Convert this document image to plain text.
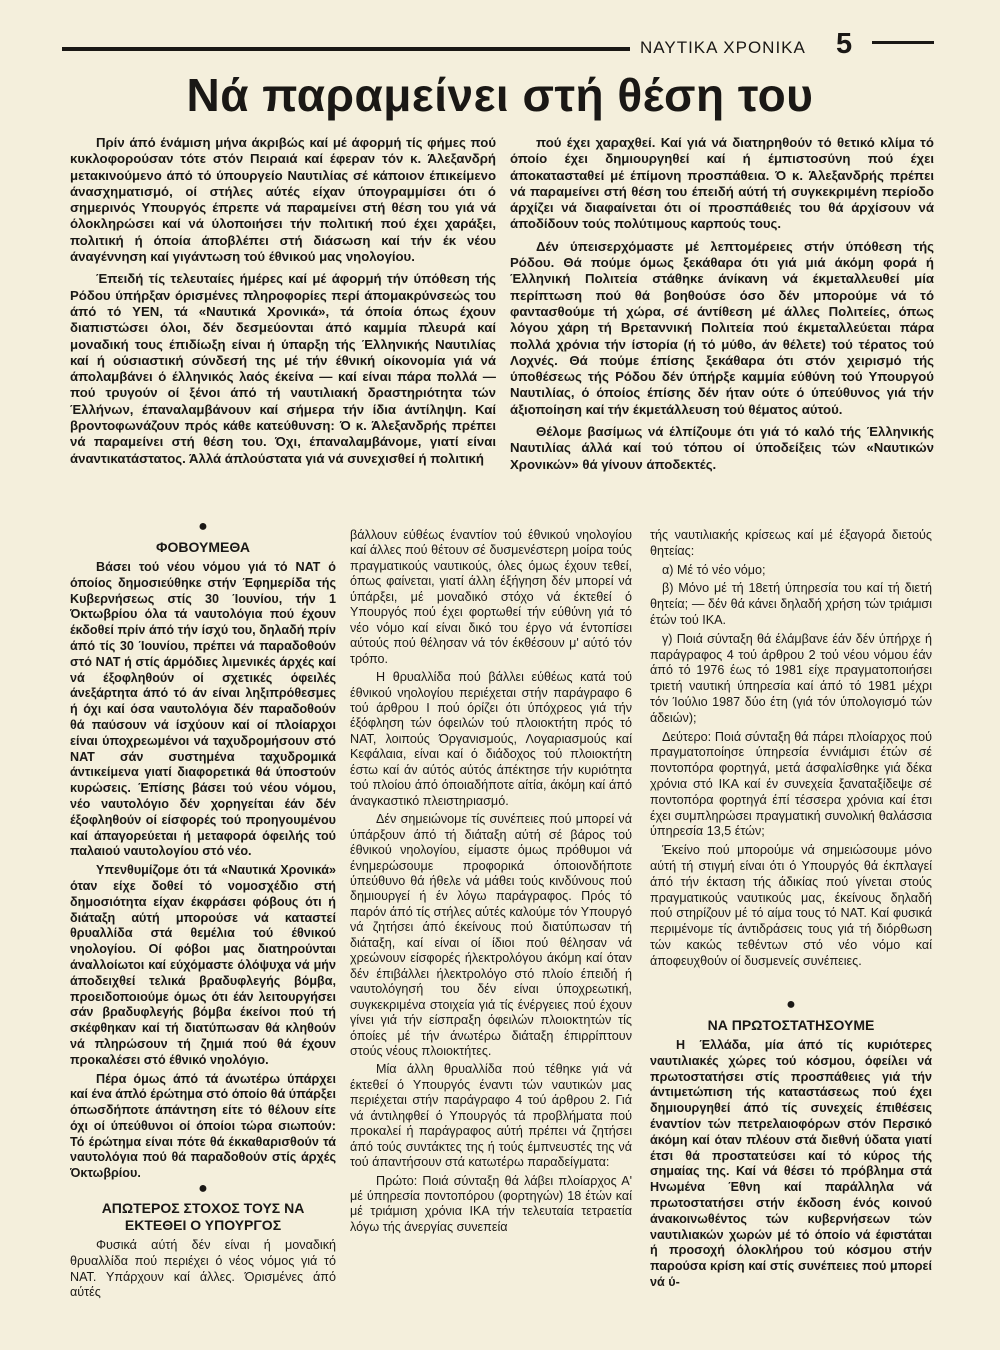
ΝΑΥΤΙΚΑ ΧΡΟΝΙΚΑ 5
Νά παραμείνει στή θέση του

Πρίν άπό ένάμιση μήνα άκριβώς καί μέ άφορμή τίς φήμες πού κυκλοφορούσαν τότε στόν Πειραιά καί έφεραν τόν κ. Άλεξανδρή μετακινούμενο άπό τό ύπουργείο Ναυτιλίας σέ κάποιον έπικείμενο άνασχηματισμό, οί στήλες αύτές είχαν ύπογραμμίσει ότι ό σημερινός Υπουργός έπρεπε νά παραμείνει στή θέση του γιά νά όλοκληρώσει καί νά ύλοποιήσει τήν πολιτική πού έχει χαράξει, πολιτική ή όποία άποβλέπει στή διάσωση καί τήν έκ νέου άναγέννηση καί γιγάντωση τού έθνικού μας νηολογίου.

Έπειδή τίς τελευταίες ήμέρες καί μέ άφορμή τήν ύπόθεση τής Ρόδου ύπήρξαν όρισμένες πληροφορίες περί άπομακρύνσεώς του άπό τό ΥΕΝ, τά «Ναυτικά Χρονικά», τά όποία όπως έχουν διαπιστώσει όλοι, δέν δεσμεύονται άπό καμμία πλευρά καί μοναδική τους έπιδίωξη είναι ή ύπαρξη τής Έλληνικής Ναυτιλίας καί ή ούσιαστική σύνδεσή της μέ τήν έθνική οίκονομία γιά νά άπολαμβάνει ό έλληνικός λαός έκείνα — καί είναι πάρα πολλά — πού τρυγούν οί ξένοι άπό τή ναυτιλιακή δραστηριότητα τών Έλλήνων, έπαναλαμβάνουν καί σήμερα τήν ίδια άντίληψη. Καί βροντοφωνάζουν πρός κάθε κατεύθυνση: Ό κ. Άλεξανδρής πρέπει νά παραμείνει στή θέση του. Όχι, έπαναλαμβάνομε, γιατί είναι άναντικατάστατος. Άλλά άπλούστατα γιά νά συνεχισθεί ή πολιτική

πού έχει χαραχθεί. Καί γιά νά διατηρηθούν τό θετικό κλίμα τό όποίο έχει δημιουργηθεί καί ή έμπιστοσύνη πού έχει άποκατασταθεί μέ έπίμονη προσπάθεια. Ό κ. Άλεξανδρής πρέπει νά παραμείνει στή θέση του έπειδή αύτή τή συγκεκριμένη περίοδο άρχίζει νά διαφαίνεται ότι οί προσπάθειές του θά άρχίσουν νά άποδίδουν τούς πολύτιμους καρπούς τους.

Δέν ύπεισερχόμαστε μέ λεπτομέρειες στήν ύπόθεση τής Ρόδου. Θά πούμε όμως ξεκάθαρα ότι γιά μιά άκόμη φορά ή Έλληνική Πολιτεία στάθηκε άνίκανη νά έκμεταλλευθεί μία περίπτωση πού θά βοηθούσε όσο δέν μπορούμε νά τό φαντασθούμε τή χώρα, σέ άντίθεση μέ άλλες Πολιτείες, όπως λόγου χάρη τή Βρεταννική Πολιτεία πού έκμεταλλεύεται πάρα πολλά χρόνια τήν ίστορία (ή τό μύθο, άν θέλετε) τού τέρατος τού Λοχνές. Θά πούμε έπίσης ξεκάθαρα ότι στόν χειρισμό τής ύποθέσεως τής Ρόδου δέν ύπήρξε καμμία εύθύνη τού Υπουργού Ναυτιλίας, ό όποίος έπίσης δέν ήταν ούτε ό ύπεύθυνος γιά τήν άξιοποίηση καί τήν έκμετάλλευση τού θέματος αύτού.

Θέλομε βασίμως νά έλπίζουμε ότι γιά τό καλό τής Έλληνικής Ναυτιλίας άλλά καί τού τόπου οί ύποδείξεις τών «Ναυτικών Χρονικών» θά γίνουν άποδεκτές.

●
ΦΟΒΟΥΜΕΘΑ

Βάσει τού νέου νόμου γιά τό ΝΑΤ ό όποίος δημοσιεύθηκε στήν Έφημερίδα τής Κυβερνήσεως στίς 30 Ίουνίου, τήν 1 Όκτωβρίου όλα τά ναυτολόγια πού έχουν έκδοθεί πρίν άπό τήν ίσχύ του, δηλαδή πρίν άπό τίς 30 Ίουνίου, πρέπει νά παραδοθούν στό ΝΑΤ ή στίς άρμόδιες λιμενικές άρχές καί νά έξοφληθούν οί σχετικές όφειλές άνεξάρτητα άπό τό άν είναι ληξιπρόθεσμες ή όχι καί όσα ναυτολόγια δέν παραδοθούν θά παύσουν νά ίσχύουν καί οί πλοίαρχοι είναι ύποχρεωμένοι νά ταχυδρομήσουν στό ΝΑΤ σάν συστημένα ταχυδρομικά άντικείμενα γιατί διαφορετικά θά ύποστούν κυρώσεις. Έπίσης βάσει τού νέου νόμου, νέο ναυτολόγιο δέν χορηγείται έάν δέν έξοφληθούν οί είσφορές τού προηγουμένου καί άπαγορεύεται ή μεταφορά όφειλής τού παλαιού ναυτολογίου στό νέο.

Υπενθυμίζομε ότι τά «Ναυτικά Χρονικά» όταν είχε δοθεί τό νομοσχέδιο στή δημοσιότητα είχαν έκφράσει φόβους ότι ή διάταξη αύτή μπορούσε νά καταστεί θρυαλλίδα στά θεμέλια τού έθνικού νηολογίου. Οί φόβοι μας διατηρούνται άναλλοίωτοι καί εύχόμαστε όλόψυχα νά μήν άποδειχθεί τελικά βραδυφλεγής βόμβα, προειδοποιούμε όμως ότι έάν λειτουργήσει σάν βραδυφλεγής βόμβα έκείνοι πού τή σκέφθηκαν καί τή διατύπωσαν θά κληθούν νά πληρώσουν τή ζημιά πού θά έχουν προκαλέσει στό έθνικό νηολόγιο.

Πέρα όμως άπό τά άνωτέρω ύπάρχει καί ένα άπλό έρώτημα στό όποίο θά ύπάρξει όπωσδήποτε άπάντηση είτε τό θέλουν είτε όχι οί ύπεύθυνοι οί όποίοι τώρα σιωπούν: Τό έρώτημα είναι πότε θά έκκαθαρισθούν τά ναυτολόγια πού θά παραδοθούν στίς άρχές Όκτωβρίου.

●
ΑΠΩΤΕΡΟΣ ΣΤΟΧΟΣ ΤΟΥΣ ΝΑ
ΕΚΤΕΘΕΙ Ο ΥΠΟΥΡΓΟΣ

Φυσικά αύτή δέν είναι ή μοναδική θρυαλλίδα πού περιέχει ό νέος νόμος γιά τό ΝΑΤ. Υπάρχουν καί άλλες. Όρισμένες άπό αύτές

βάλλουν εύθέως έναντίον τού έθνικού νηολογίου καί άλλες πού θέτουν σέ δυσμενέστερη μοίρα τούς πραγματικούς ναυτικούς, όλες όμως έχουν τεθεί, όπως φαίνεται, γιατί άλλη έξήγηση δέν μπορεί νά ύπάρξει, μέ μοναδικό στόχο νά έκτεθεί ό Υπουργός πού έχει φορτωθεί τήν εύθύνη γιά τό νέο νόμο καί είναι δικό του έργο νά έντοπίσει αύτούς πού θέλησαν νά τόν έκθέσουν μ' αύτό τόν τρόπο.

Η θρυαλλίδα πού βάλλει εύθέως κατά τού έθνικού νηολογίου περιέχεται στήν παράγραφο 6 τού άρθρου Ι πού όρίζει ότι ύπόχρεος γιά τήν έξόφληση τών όφειλών τού πλοιοκτήτη πρός τό ΝΑΤ, λοιπούς Όργανισμούς, Λογαριασμούς καί Κεφάλαια, είναι καί ό διάδοχος τού πλοιοκτήτη έστω καί άν αύτός αύτός άπέκτησε τήν κυριότητα τού πλοίου άπό όποιαδήποτε αίτία, άκόμη καί άπό άναγκαστικό πλειστηριασμό.

Δέν σημειώνομε τίς συνέπειες πού μπορεί νά ύπάρξουν άπό τή διάταξη αύτή σέ βάρος τού έθνικού νηολογίου, είμαστε όμως πρόθυμοι νά ένημερώσουμε προφορικά όποιονδήποτε ύπεύθυνο θά ήθελε νά μάθει τούς κινδύνους πού δημιουργεί ή έν λόγω παράγραφος. Πρός τό παρόν άπό τίς στήλες αύτές καλούμε τόν Υπουργό νά ζητήσει άπό έκείνους πού διατύπωσαν τή διάταξη, καί είναι οί ίδιοι πού θέλησαν νά χρεώνουν είσφορές ήλεκτρολόγου άκόμη καί όταν δέν έπιβάλλει ήλεκτρολόγο στό πλοίο έπειδή ή ναυτολόγησή του δέν είναι ύποχρεωτική, συγκεκριμένα στοιχεία γιά τίς ένέργειες πού έχουν γίνει γιά τήν είσπραξη όφειλών πλοιοκτητών τίς όποίες μέ τήν άνωτέρω διάταξη έπιρρίπτουν στούς νέους πλοιοκτήτες.

Μία άλλη θρυαλλίδα πού τέθηκε γιά νά έκτεθεί ό Υπουργός έναντι τών ναυτικών μας περιέχεται στήν παράγραφο 4 τού άρθρου 2. Γιά νά άντιληφθεί ό Υπουργός τά προβλήματα πού προκαλεί ή παράγραφος αύτή πρέπει νά ζητήσει άπό τούς συντάκτες της ή τούς έμπνευστές της νά τού άπαντήσουν στά κατωτέρω παραδείγματα:

Πρώτο: Ποιά σύνταξη θά λάβει πλοίαρχος Α' μέ ύπηρεσία ποντοπόρου (φορτηγών) 18 έτών καί μέ τριάμιση χρόνια ΙΚΑ τήν τελευταία τετραετία λόγω τής άνεργίας συνεπεία

τής ναυτιλιακής κρίσεως καί μέ έξαγορά διετούς θητείας:

α) Μέ τό νέο νόμο;

β) Μόνο μέ τή 18ετή ύπηρεσία του καί τή διετή θητεία; — δέν θά κάνει δηλαδή χρήση τών τριάμισι έτών τού ΙΚΑ.

γ) Ποιά σύνταξη θά έλάμβανε έάν δέν ύπήρχε ή παράγραφος 4 τού άρθρου 2 τού νέου νόμου έάν άπό τό 1976 έως τό 1981 είχε πραγματοποιήσει τριετή ναυτική ύπηρεσία καί άπό τό 1981 μέχρι τόν Ίούλιο 1987 δύο έτη (γιά τόν ύπολογισμό τών άδειών);

Δεύτερο: Ποιά σύνταξη θά πάρει πλοίαρχος πού πραγματοποίησε ύπηρεσία έννιάμισι έτών σέ ποντοπόρα φορτηγά, μετά άσφαλίσθηκε γιά δέκα χρόνια στό ΙΚΑ καί έν συνεχεία ξαναταξίδεψε σέ ποντοπόρα φορτηγά έπί τέσσερα χρόνια καί έτσι έχει συμπληρώσει πραγματική συνολική θαλάσσια ύπηρεσία 13,5 έτών;

Έκείνο πού μπορούμε νά σημειώσουμε μόνο αύτή τή στιγμή είναι ότι ό Υπουργός θά έκπλαγεί άπό τήν έκταση τής άδικίας πού γίνεται στούς πραγματικούς ναυτικούς μας, έκείνους δηλαδή πού στηρίζουν μέ τό αίμα τους τό ΝΑΤ. Καί φυσικά περιμένομε τίς άντιδράσεις τους γιά τή διόρθωση τών κακώς τεθέντων στό νέο νόμο καί άποφευχθούν οί δυσμενείς συνέπειες.

●
ΝΑ ΠΡΩΤΟΣΤΑΤΗΣΟΥΜΕ

Η Έλλάδα, μία άπό τίς κυριότερες ναυτιλιακές χώρες τού κόσμου, όφείλει νά πρωτοστατήσει στίς προσπάθειες γιά τήν άντιμετώπιση τής καταστάσεως πού έχει δημιουργηθεί άπό τίς συνεχείς έπιθέσεις έναντίον τών πετρελαιοφόρων στόν Περσικό άκόμη καί όταν πλέουν στά διεθνή ύδατα γιατί έτσι θά προστατεύσει καί τό κύρος τής σημαίας της. Καί νά θέσει τό πρόβλημα στά Ηνωμένα Έθνη καί παράλληλα νά πρωτοστατήσει στήν έκδοση ένός κοινού άνακοινωθέντος τών κυβερνήσεων τών ναυτιλιακών χωρών μέ τό όποίο νά έφιστάται ή προσοχή όλοκλήρου τού κόσμου στήν παρούσα κρίση καί στίς συνέπειες πού μπορεί νά ύ-
